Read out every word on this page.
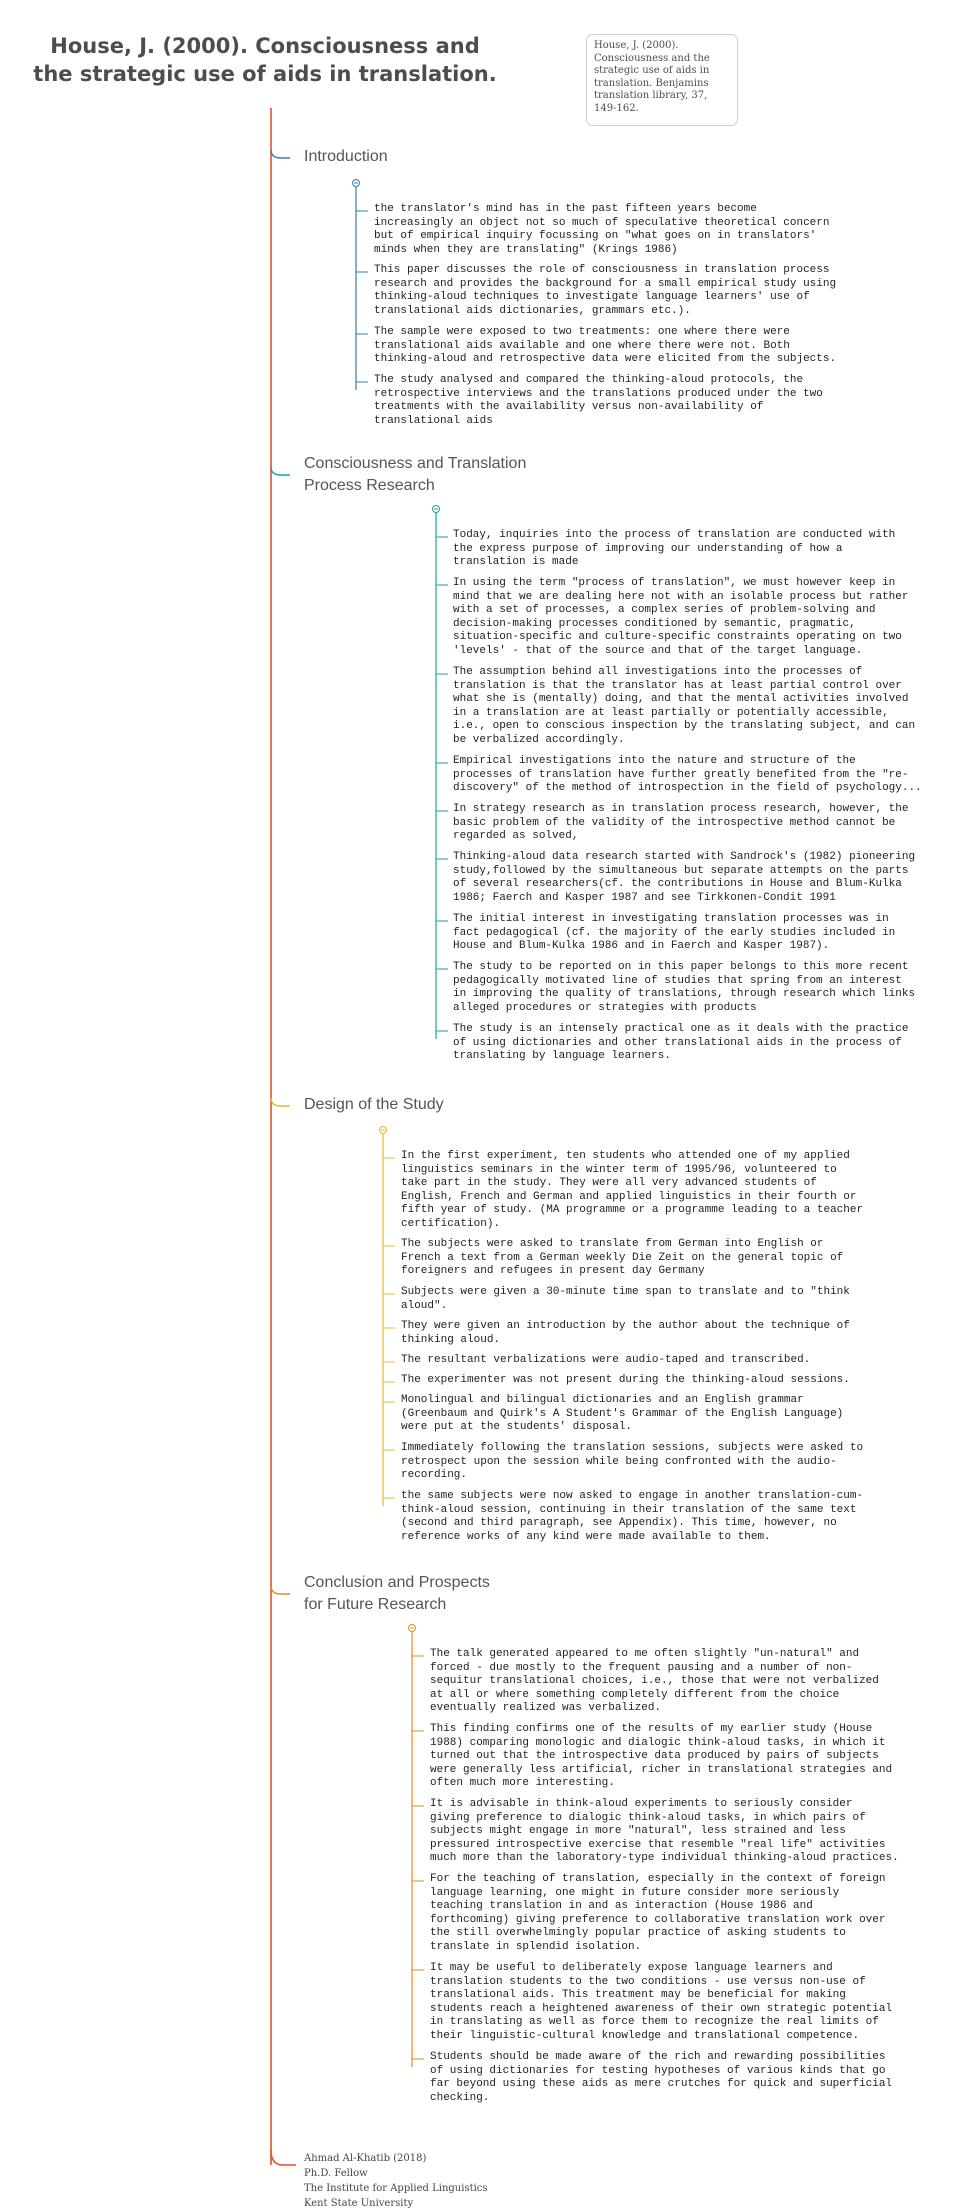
House, J. (2000). Consciousness and the strategic use of aids in translation.
House, J. (2000). Consciousness and the strategic use of aids in translation. Benjamins translation library, 37, 149-162.
Introduction
Consciousness and Translation
Process Research
Design of the Study
Conclusion and Prospects
for Future Research
the translator's mind has in the past fifteen years become
increasingly an object not so much of speculative theoretical concern
but of empirical inquiry focussing on "what goes on in translators'
minds when they are translating" (Krings 1986)
This paper discusses the role of consciousness in translation process
research and provides the background for a small empirical study using
thinking-aloud techniques to investigate language learners' use of
translational aids dictionaries, grammars etc.).
The sample were exposed to two treatments: one where there were
translational aids available and one where there were not. Both
thinking-aloud and retrospective data were elicited from the subjects.
The study analysed and compared the thinking-aloud protocols, the
retrospective interviews and the translations produced under the two
treatments with the availability versus non-availability of
translational aids
Today, inquiries into the process of translation are conducted with
the express purpose of improving our understanding of how a
translation is made
In using the term "process of translation", we must however keep in
mind that we are dealing here not with an isolable process but rather
with a set of processes, a complex series of problem-solving and
decision-making processes conditioned by semantic, pragmatic,
situation-specific and culture-specific constraints operating on two
'levels' - that of the source and that of the target language.
The assumption behind all investigations into the processes of
translation is that the translator has at least partial control over
what she is (mentally) doing, and that the mental activities involved
in a translation are at least partially or potentially accessible,
i.e., open to conscious inspection by the translating subject, and can
be verbalized accordingly.
Empirical investigations into the nature and structure of the
processes of translation have further greatly benefited from the "re-
discovery" of the method of introspection in the field of psychology...
In strategy research as in translation process research, however, the
basic problem of the validity of the introspective method cannot be
regarded as solved,
Thinking-aloud data research started with Sandrock's (1982) pioneering
study,followed by the simultaneous but separate attempts on the parts
of several researchers(cf. the contributions in House and Blum-Kulka
1986; Faerch and Kasper 1987 and see Tirkkonen-Condit 1991
The initial interest in investigating translation processes was in
fact pedagogical (cf. the majority of the early studies included in
House and Blum-Kulka 1986 and in Faerch and Kasper 1987).
The study to be reported on in this paper belongs to this more recent
pedagogically motivated line of studies that spring from an interest
in improving the quality of translations, through research which links
alleged procedures or strategies with products
The study is an intensely practical one as it deals with the practice
of using dictionaries and other translational aids in the process of
translating by language learners.
In the first experiment, ten students who attended one of my applied
linguistics seminars in the winter term of 1995/96, volunteered to
take part in the study. They were all very advanced students of
English, French and German and applied linguistics in their fourth or
fifth year of study. (MA programme or a programme leading to a teacher
certification).
The subjects were asked to translate from German into English or
French a text from a German weekly Die Zeit on the general topic of
foreigners and refugees in present day Germany
Subjects were given a 30-minute time span to translate and to "think
aloud".
They were given an introduction by the author about the technique of
thinking aloud.
The resultant verbalizations were audio-taped and transcribed.
The experimenter was not present during the thinking-aloud sessions.
Monolingual and bilingual dictionaries and an English grammar
(Greenbaum and Quirk's A Student's Grammar of the English Language)
were put at the students' disposal.
Immediately following the translation sessions, subjects were asked to
retrospect upon the session while being confronted with the audio-
recording.
the same subjects were now asked to engage in another translation-cum-
think-aloud session, continuing in their translation of the same text
(second and third paragraph, see Appendix). This time, however, no
reference works of any kind were made available to them.
The talk generated appeared to me often slightly "un-natural" and
forced - due mostly to the frequent pausing and a number of non-
sequitur translational choices, i.e., those that were not verbalized
at all or where something completely different from the choice
eventually realized was verbalized.
This finding confirms one of the results of my earlier study (House
1988) comparing monologic and dialogic think-aloud tasks, in which it
turned out that the introspective data produced by pairs of subjects
were generally less artificial, richer in translational strategies and
often much more interesting.
It is advisable in think-aloud experiments to seriously consider
giving preference to dialogic think-aloud tasks, in which pairs of
subjects might engage in more "natural", less strained and less
pressured introspective exercise that resemble "real life" activities
much more than the laboratory-type individual thinking-aloud practices.
For the teaching of translation, especially in the context of foreign
language learning, one might in future consider more seriously
teaching translation in and as interaction (House 1986 and
forthcoming) giving preference to collaborative translation work over
the still overwhelmingly popular practice of asking students to
translate in splendid isolation.
It may be useful to deliberately expose language learners and
translation students to the two conditions - use versus non-use of
translational aids. This treatment may be beneficial for making
students reach a heightened awareness of their own strategic potential
in translating as well as force them to recognize the real limits of
their linguistic-cultural knowledge and translational competence.
Students should be made aware of the rich and rewarding possibilities
of using dictionaries for testing hypotheses of various kinds that go
far beyond using these aids as mere crutches for quick and superficial
checking.
Ahmad Al-Khatib (2018)
Ph.D. Fellow
The Institute for Applied Linguistics
Kent State University
